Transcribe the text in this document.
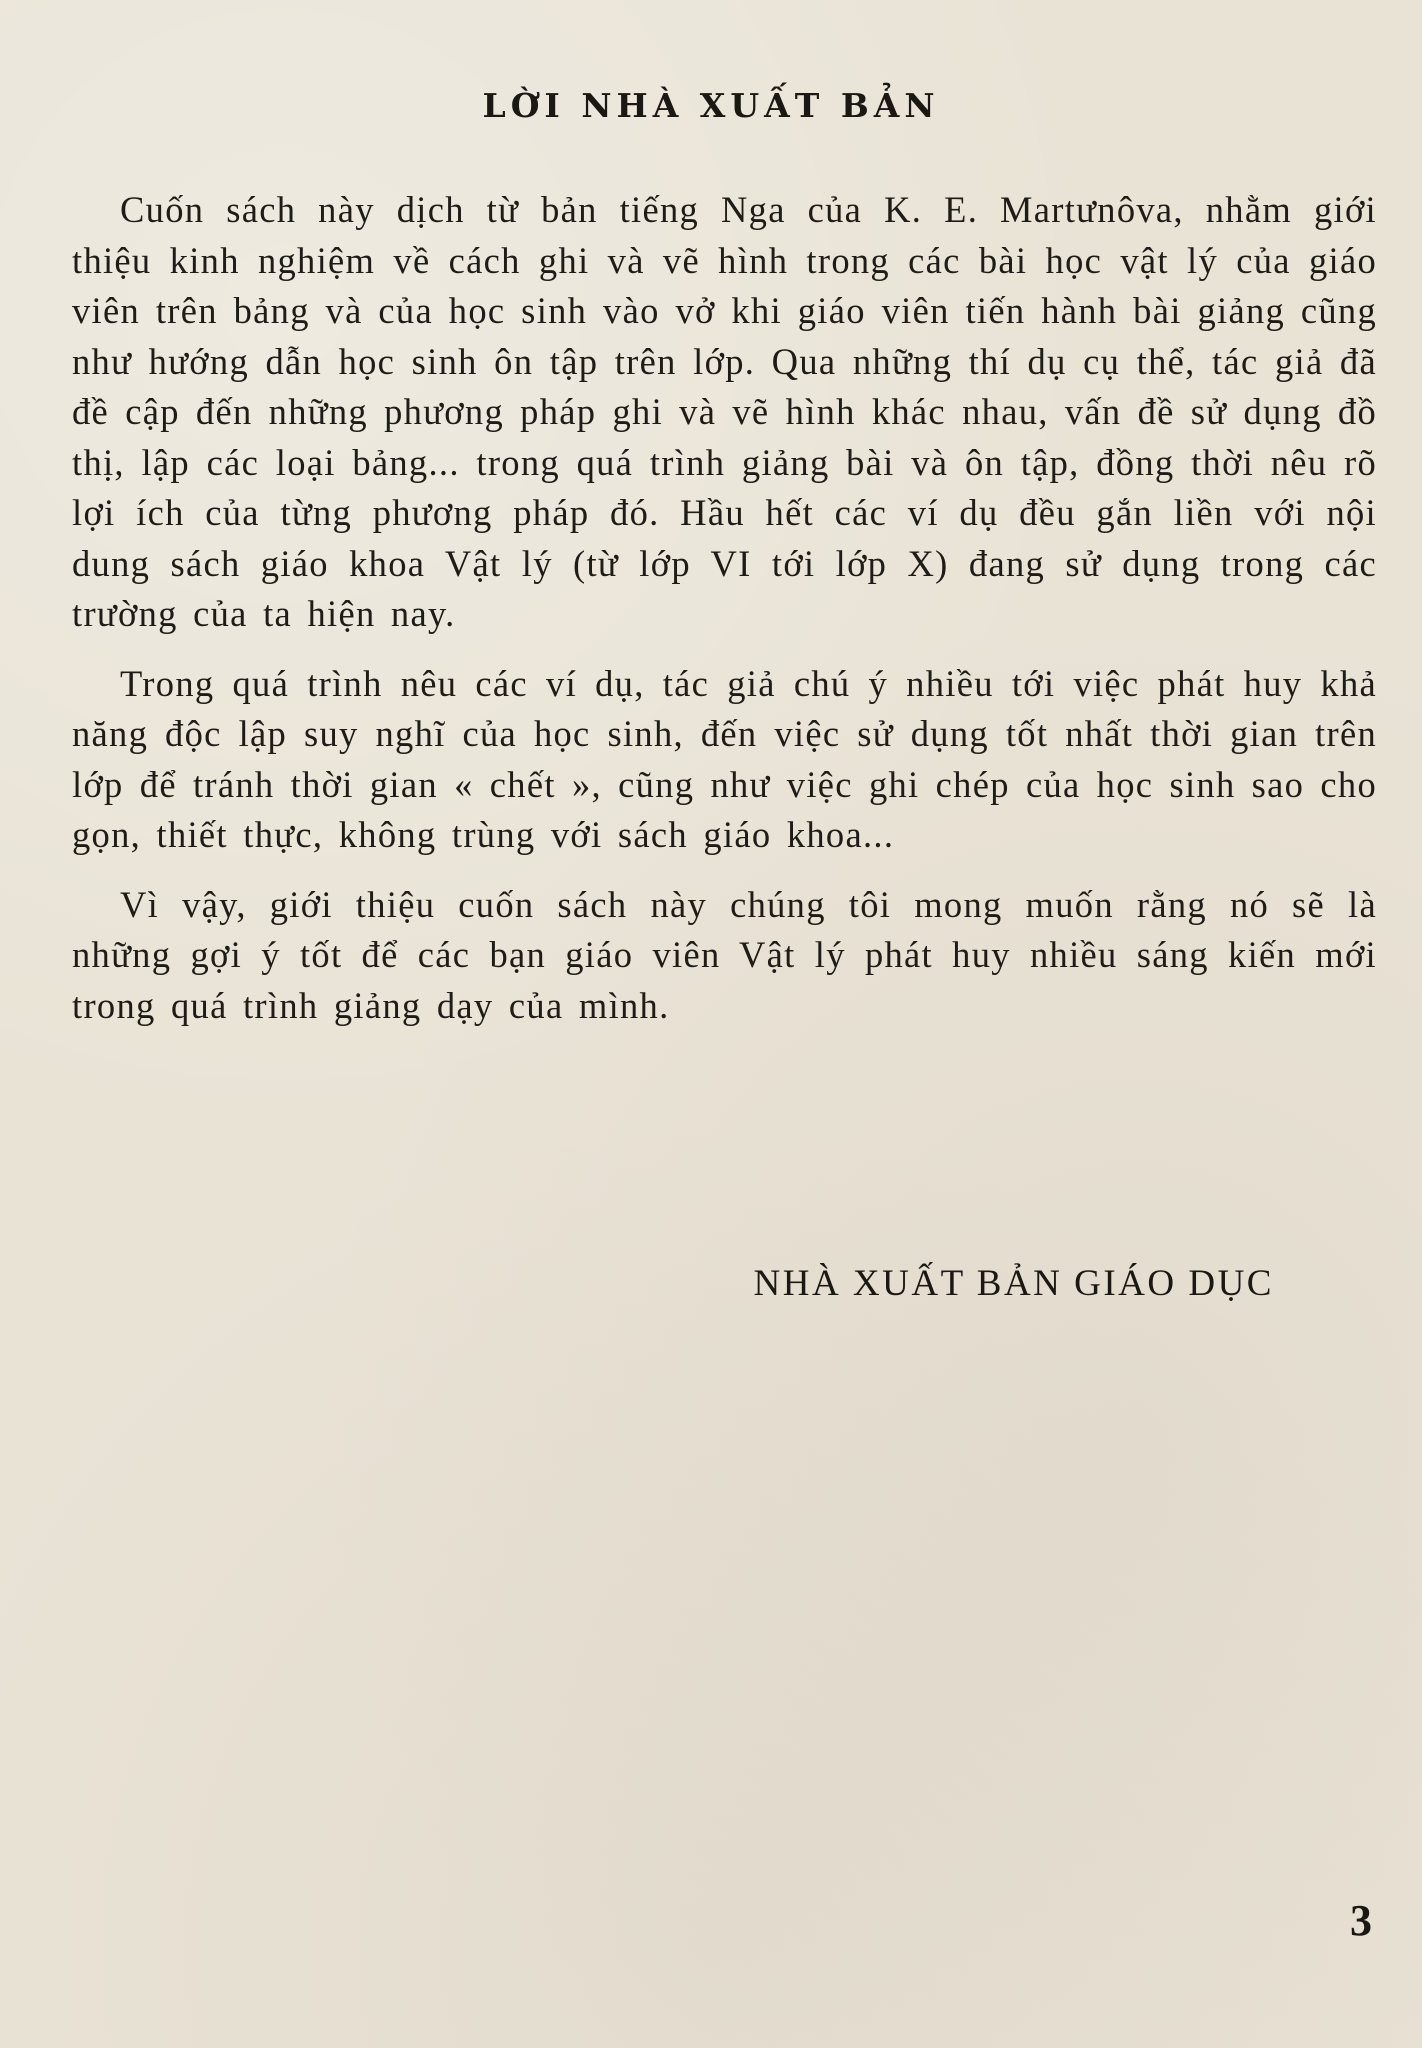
LỜI NHÀ XUẤT BẢN

Cuốn sách này dịch từ bản tiếng Nga của K. E. Martưnôva, nhằm giới thiệu kinh nghiệm về cách ghi và vẽ hình trong các bài học vật lý của giáo viên trên bảng và của học sinh vào vở khi giáo viên tiến hành bài giảng cũng như hướng dẫn học sinh ôn tập trên lớp. Qua những thí dụ cụ thể, tác giả đã đề cập đến những phương pháp ghi và vẽ hình khác nhau, vấn đề sử dụng đồ thị, lập các loại bảng... trong quá trình giảng bài và ôn tập, đồng thời nêu rõ lợi ích của từng phương pháp đó. Hầu hết các ví dụ đều gắn liền với nội dung sách giáo khoa Vật lý (từ lớp VI tới lớp X) đang sử dụng trong các trường của ta hiện nay.

Trong quá trình nêu các ví dụ, tác giả chú ý nhiều tới việc phát huy khả năng độc lập suy nghĩ của học sinh, đến việc sử dụng tốt nhất thời gian trên lớp để tránh thời gian « chết », cũng như việc ghi chép của học sinh sao cho gọn, thiết thực, không trùng với sách giáo khoa...

Vì vậy, giới thiệu cuốn sách này chúng tôi mong muốn rằng nó sẽ là những gợi ý tốt để các bạn giáo viên Vật lý phát huy nhiều sáng kiến mới trong quá trình giảng dạy của mình.

NHÀ XUẤT BẢN GIÁO DỤC
3
